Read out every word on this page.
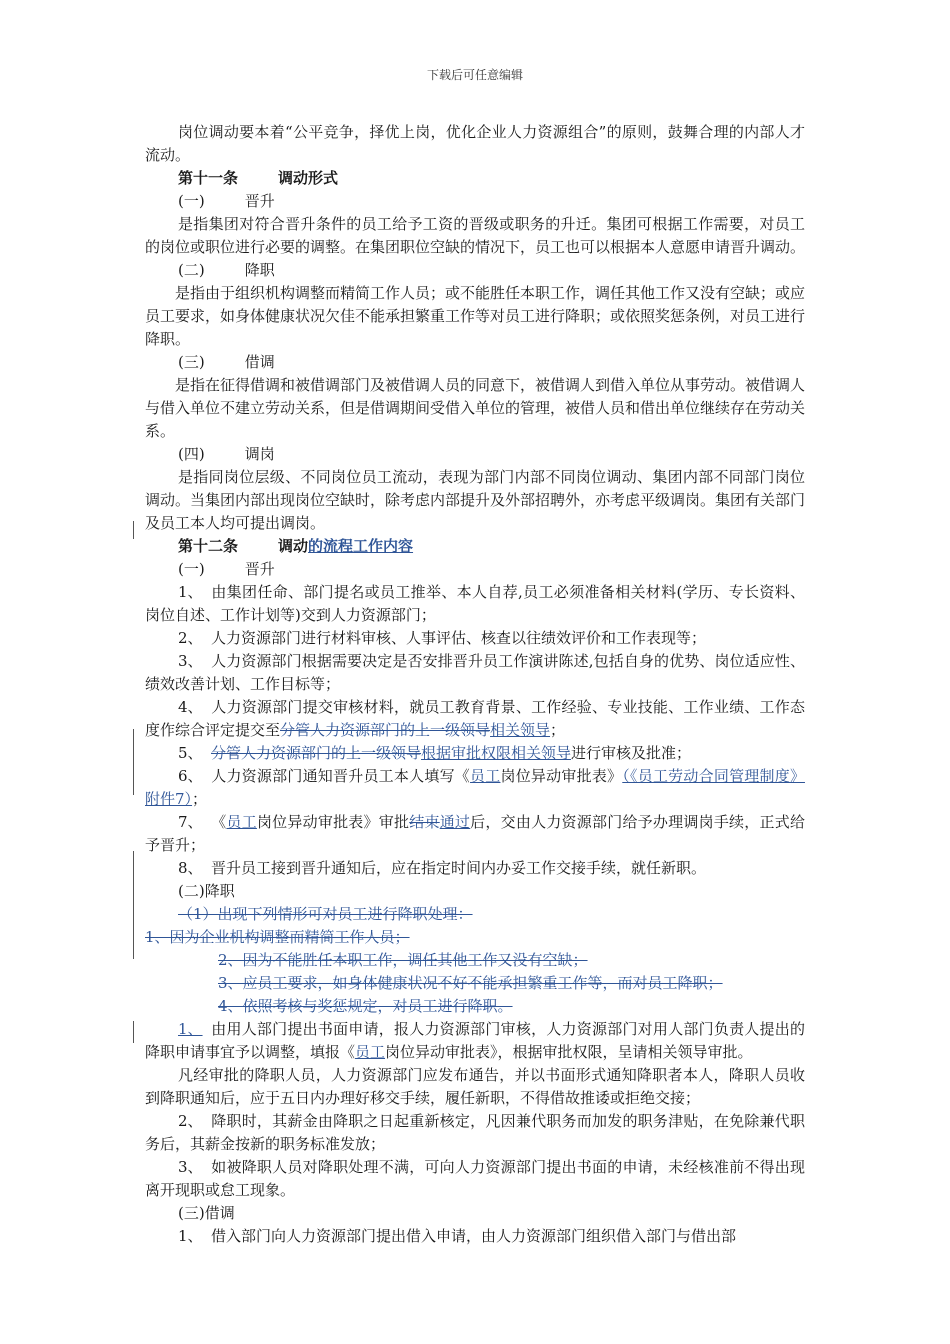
下载后可任意编辑

岗位调动要本着“公平竞争，择优上岗，优化企业人力资源组合”的原则，鼓舞合理的内部人才流动。

第十一条	调动形式

(一)	晋升

是指集团对符合晋升条件的员工给予工资的晋级或职务的升迁。集团可根据工作需要，对员工的岗位或职位进行必要的调整。在集团职位空缺的情况下，员工也可以根据本人意愿申请晋升调动。

(二)	降职

是指由于组织机构调整而精简工作人员；或不能胜任本职工作，调任其他工作又没有空缺；或应员工要求，如身体健康状况欠佳不能承担繁重工作等对员工进行降职；或依照奖惩条例，对员工进行降职。

(三)	借调

是指在征得借调和被借调部门及被借调人员的同意下，被借调人到借入单位从事劳动。被借调人与借入单位不建立劳动关系，但是借调期间受借入单位的管理，被借人员和借出单位继续存在劳动关系。

(四)	调岗

是指同岗位层级、不同岗位员工流动，表现为部门内部不同岗位调动、集团内部不同部门岗位调动。当集团内部出现岗位空缺时，除考虑内部提升及外部招聘外，亦考虑平级调岗。集团有关部门及员工本人均可提出调岗。

第十二条	调动的流程工作内容

(一)	晋升

1、 由集团任命、部门提名或员工推举、本人自荐,员工必须准备相关材料(学历、专长资料、岗位自述、工作计划等)交到人力资源部门；

2、 人力资源部门进行材料审核、人事评估、核查以往绩效评价和工作表现等；

3、 人力资源部门根据需要决定是否安排晋升员工作演讲陈述,包括自身的优势、岗位适应性、绩效改善计划、工作目标等；

4、 人力资源部门提交审核材料，就员工教育背景、工作经验、专业技能、工作业绩、工作态度作综合评定提交至分管人力资源部门的上一级领导相关领导；

5、 分管人力资源部门的上一级领导根据审批权限相关领导进行审核及批准；

6、 人力资源部门通知晋升员工本人填写《员工岗位异动审批表》（《员工劳动合同管理制度》附件7）；

7、 《员工岗位异动审批表》审批结束通过后，交由人力资源部门给予办理调岗手续，正式给予晋升；

8、 晋升员工接到晋升通知后，应在指定时间内办妥工作交接手续，就任新职。

(二)降职

（1）出现下列情形可对员工进行降职处理：

1、因为企业机构调整而精简工作人员；

2、因为不能胜任本职工作，调任其他工作又没有空缺；

3、应员工要求，如身体健康状况不好不能承担繁重工作等，而对员工降职；

4、依照考核与奖惩规定，对员工进行降职。

1、 由用人部门提出书面申请，报人力资源部门审核，人力资源部门对用人部门负责人提出的降职申请事宜予以调整，填报《员工岗位异动审批表》，根据审批权限，呈请相关领导审批。

凡经审批的降职人员，人力资源部门应发布通告，并以书面形式通知降职者本人，降职人员收到降职通知后，应于五日内办理好移交手续，履任新职，不得借故推诿或拒绝交接；

2、 降职时，其薪金由降职之日起重新核定，凡因兼代职务而加发的职务津贴，在免除兼代职务后，其薪金按新的职务标准发放；

3、 如被降职人员对降职处理不满，可向人力资源部门提出书面的申请，未经核准前不得出现离开现职或怠工现象。

(三)借调

1、 借入部门向人力资源部门提出借入申请，由人力资源部门组织借入部门与借出部
